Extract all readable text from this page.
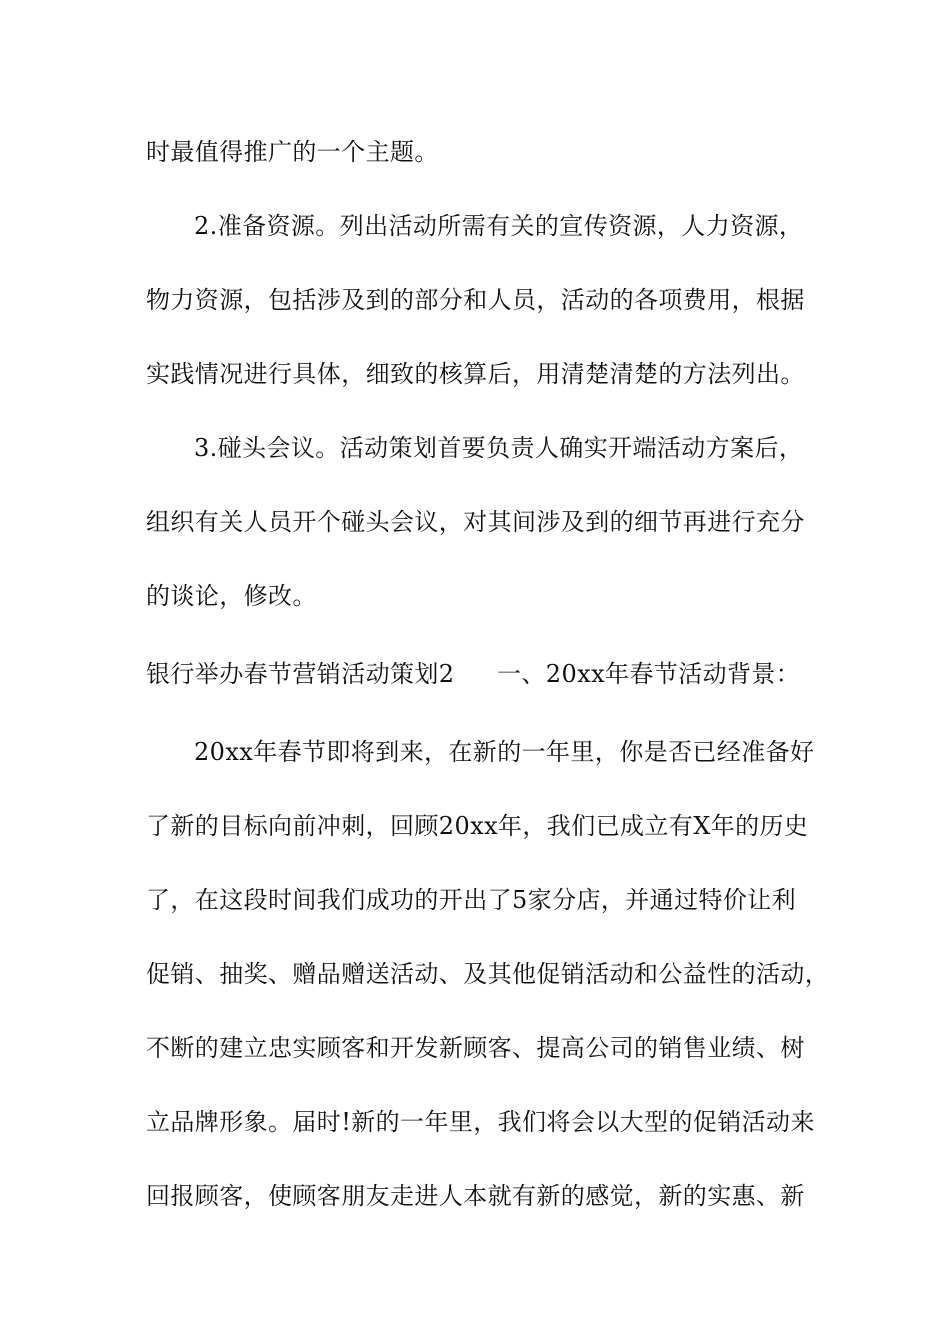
时最值得推广的一个主题。
2.准备资源。列出活动所需有关的宣传资源，人力资源，
物力资源，包括涉及到的部分和人员，活动的各项费用，根据
实践情况进行具体，细致的核算后，用清楚清楚的方法列出。
3.碰头会议。活动策划首要负责人确实开端活动方案后，
组织有关人员开个碰头会议，对其间涉及到的细节再进行充分
的谈论，修改。
银行举办春节营销活动策划2 一、20xx年春节活动背景：
20xx年春节即将到来，在新的一年里，你是否已经准备好
了新的目标向前冲刺，回顾20xx年，我们已成立有X年的历史
了，在这段时间我们成功的开出了5家分店，并通过特价让利
促销、抽奖、赠品赠送活动、及其他促销活动和公益性的活动，
不断的建立忠实顾客和开发新顾客、提高公司的销售业绩、树
立品牌形象。届时!新的一年里，我们将会以大型的促销活动来
回报顾客，使顾客朋友走进人本就有新的感觉，新的实惠、新
